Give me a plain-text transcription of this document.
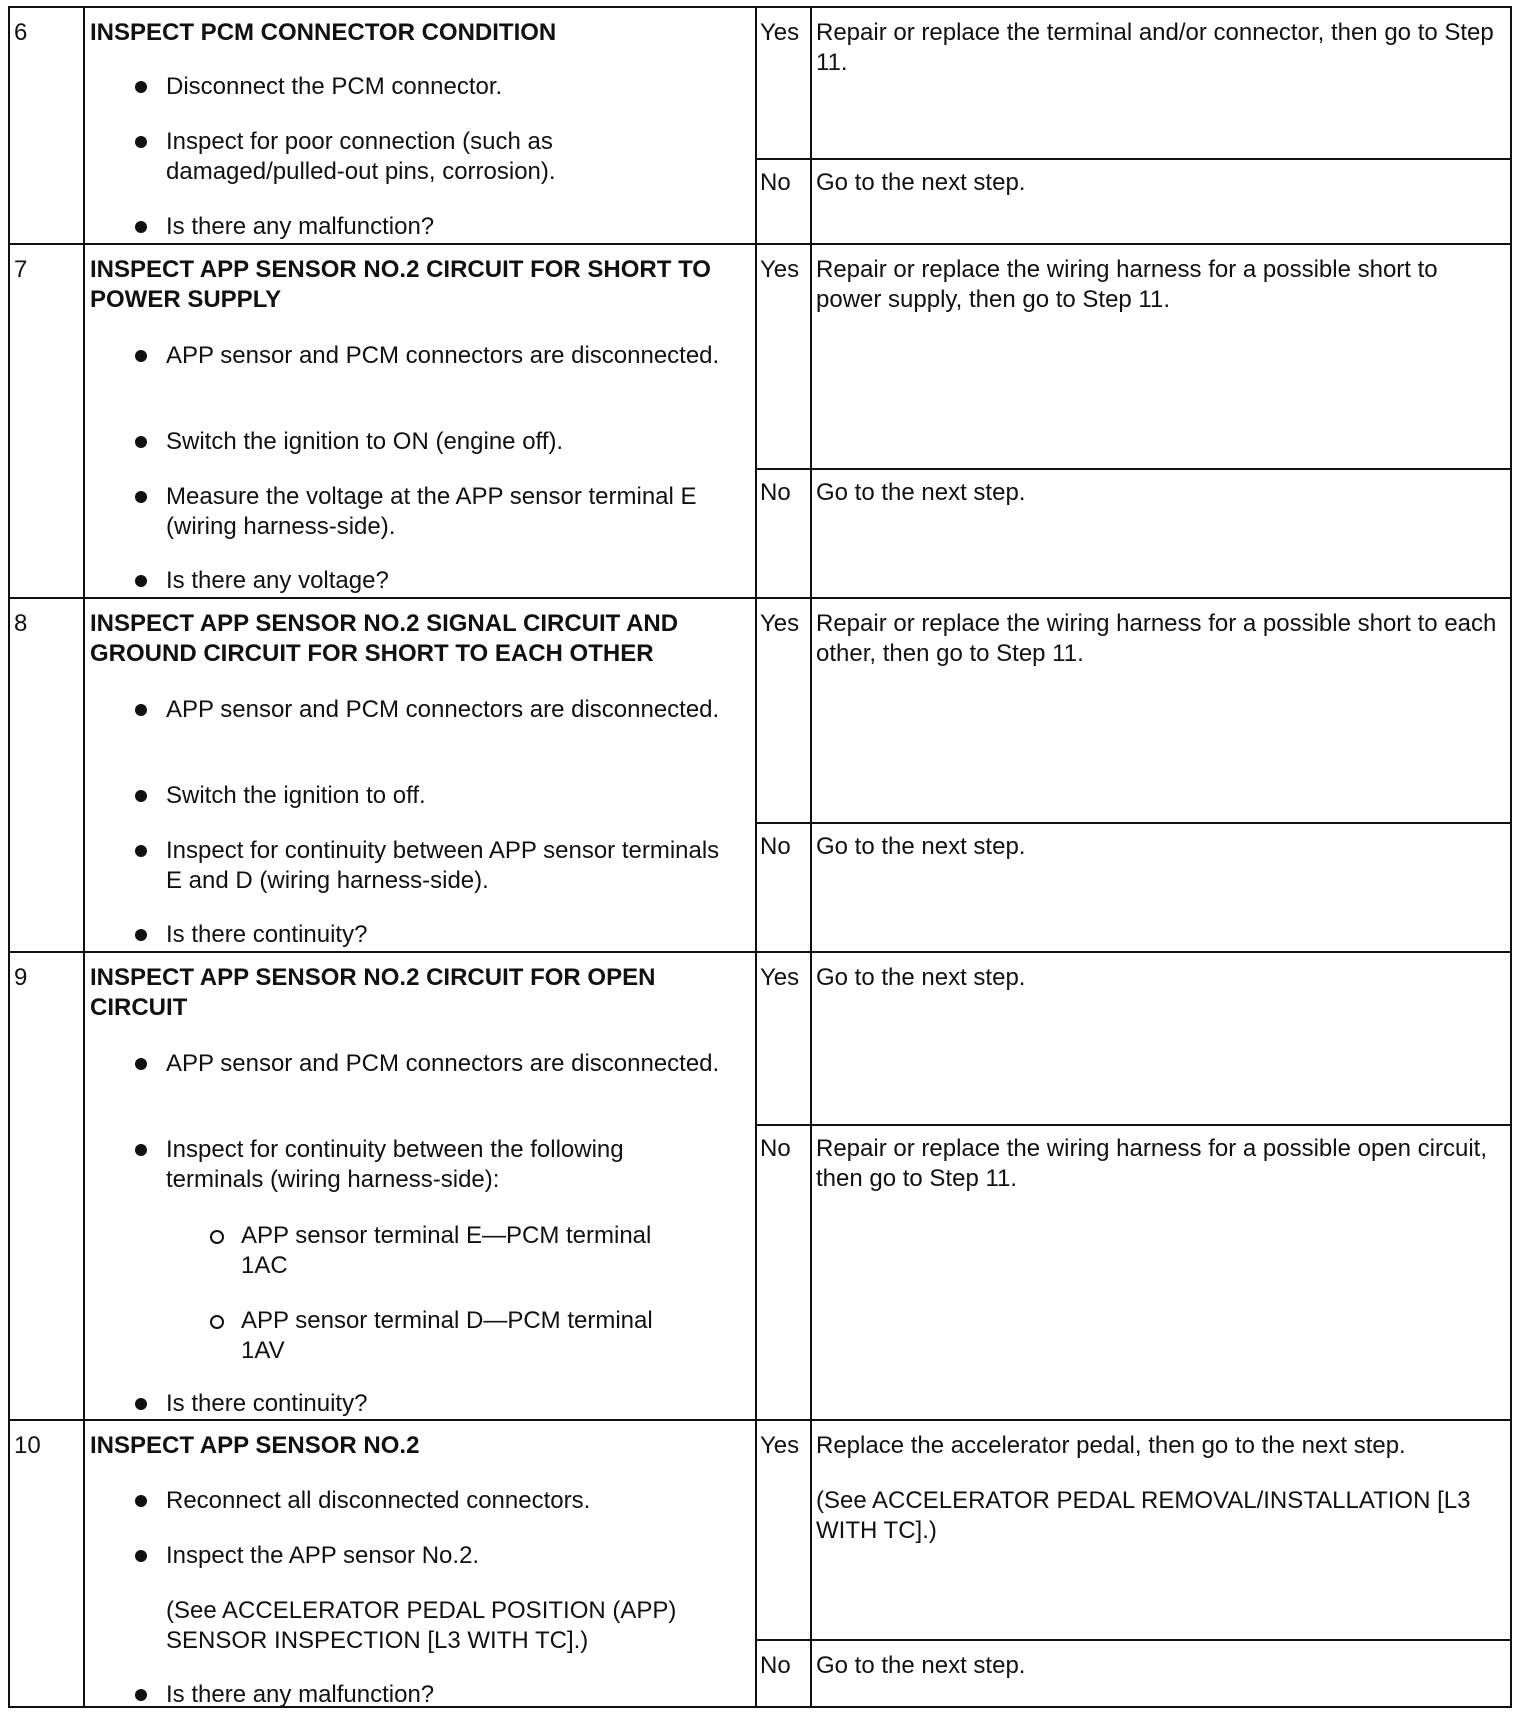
6	INSPECT PCM CONNECTOR CONDITION
Disconnect the PCM connector.
Inspect for poor connection (such as damaged/pulled-out pins, corrosion).
Is there any malfunction?
Yes Repair or replace the terminal and/or connector, then go to Step 11.
No	Go to the next step.
7	INSPECT APP SENSOR NO.2 CIRCUIT FOR SHORT TO POWER SUPPLY
APP sensor and PCM connectors are disconnected.
Switch the ignition to ON (engine off).
Measure the voltage at the APP sensor terminal E (wiring harness-side).
Is there any voltage?
Yes Repair or replace the wiring harness for a possible short to power supply, then go to Step 11.
No	Go to the next step.
8	INSPECT APP SENSOR NO.2 SIGNAL CIRCUIT AND GROUND CIRCUIT FOR SHORT TO EACH OTHER
APP sensor and PCM connectors are disconnected.
Switch the ignition to off.
Inspect for continuity between APP sensor terminals E and D (wiring harness-side).
Is there continuity?
Yes Repair or replace the wiring harness for a possible short to each other, then go to Step 11.
No	Go to the next step.
9	INSPECT APP SENSOR NO.2 CIRCUIT FOR OPEN CIRCUIT
APP sensor and PCM connectors are disconnected.
Inspect for continuity between the following terminals (wiring harness-side):
APP sensor terminal E—PCM terminal 1AC
APP sensor terminal D—PCM terminal 1AV
Is there continuity?
Yes Go to the next step.
No	Repair or replace the wiring harness for a possible open circuit, then go to Step 11.
10	INSPECT APP SENSOR NO.2
Reconnect all disconnected connectors.
Inspect the APP sensor No.2.
(See ACCELERATOR PEDAL POSITION (APP) SENSOR INSPECTION [L3 WITH TC].)
Is there any malfunction?
Yes Replace the accelerator pedal, then go to the next step.
(See ACCELERATOR PEDAL REMOVAL/INSTALLATION [L3 WITH TC].)
No	Go to the next step.
